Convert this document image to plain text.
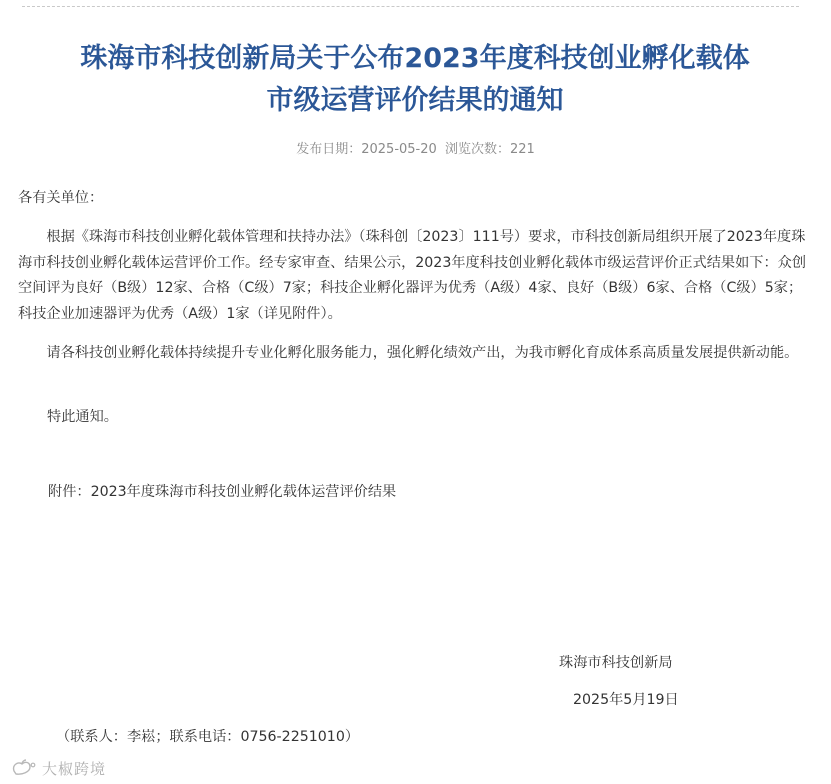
珠海市科技创新局关于公布2023年度科技创业孵化载体
市级运营评价结果的通知
发布日期：2025-05-20 浏览次数：221

各有关单位：

根据《珠海市科技创业孵化载体管理和扶持办法》（珠科创〔2023〕111号）要求，市科技创新局组织开展了2023年度珠海市科技创业孵化载体运营评价工作。经专家审查、结果公示，2023年度科技创业孵化载体市级运营评价正式结果如下：众创空间评为良好（B级）12家、合格（C级）7家；科技企业孵化器评为优秀（A级）4家、良好（B级）6家、合格（C级）5家；科技企业加速器评为优秀（A级）1家（详见附件）。

请各科技创业孵化载体持续提升专业化孵化服务能力，强化孵化绩效产出，为我市孵化育成体系高质量发展提供新动能。

特此通知。

附件：2023年度珠海市科技创业孵化载体运营评价结果

珠海市科技创新局

2025年5月19日

（联系人：李崧；联系电话：0756-2251010）

大椒跨境
